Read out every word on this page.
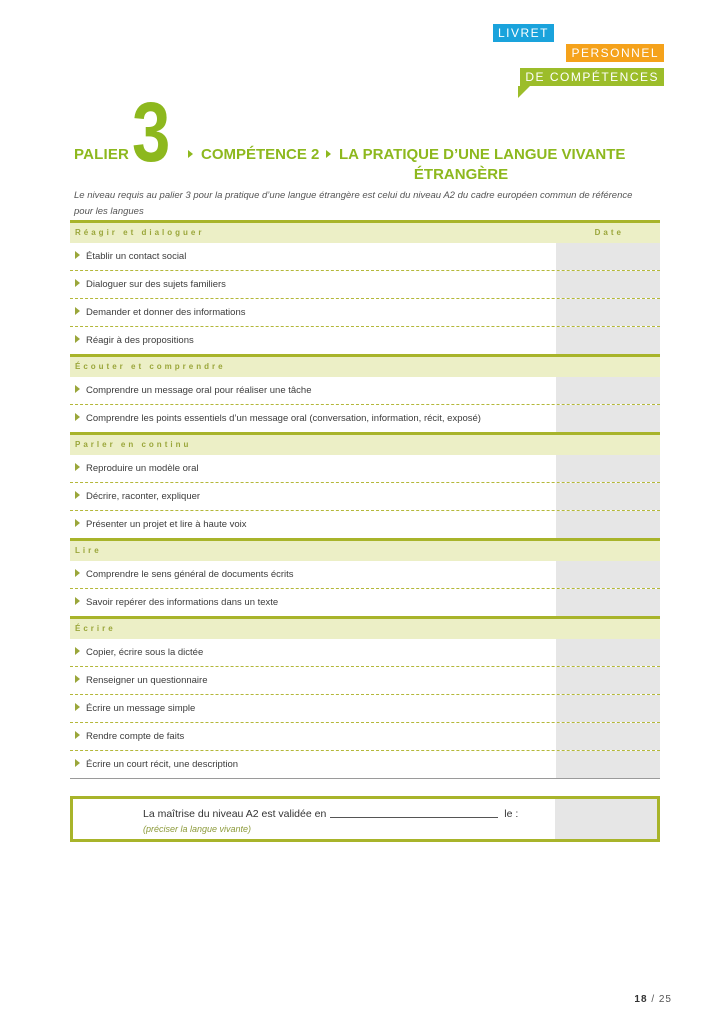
LIVRET
PERSONNEL
DE COMPÉTENCES
PALIER 3	COMPÉTENCE 2	LA PRATIQUE D’UNE LANGUE VIVANTE
ÉTRANGÈRE
Le niveau requis au palier 3 pour la pratique d’une langue étrangère est celui du niveau A2 du cadre européen commun de référence pour les langues
Réagir et dialoguer	Date
Établir un contact social
Dialoguer sur des sujets familiers
Demander et donner des informations
Réagir à des propositions
Écouter et comprendre
Comprendre un message oral pour réaliser une tâche
Comprendre les points essentiels d’un message oral (conversation, information, récit, exposé)
Parler en continu
Reproduire un modèle oral
Décrire, raconter, expliquer
Présenter un projet et lire à haute voix
Lire
Comprendre le sens général de documents écrits
Savoir repérer des informations dans un texte
Écrire
Copier, écrire sous la dictée
Renseigner un questionnaire
Écrire un message simple
Rendre compte de faits
Écrire un court récit, une description
La maîtrise du niveau A2 est validée en	le :
(préciser la langue vivante)
18 / 25
